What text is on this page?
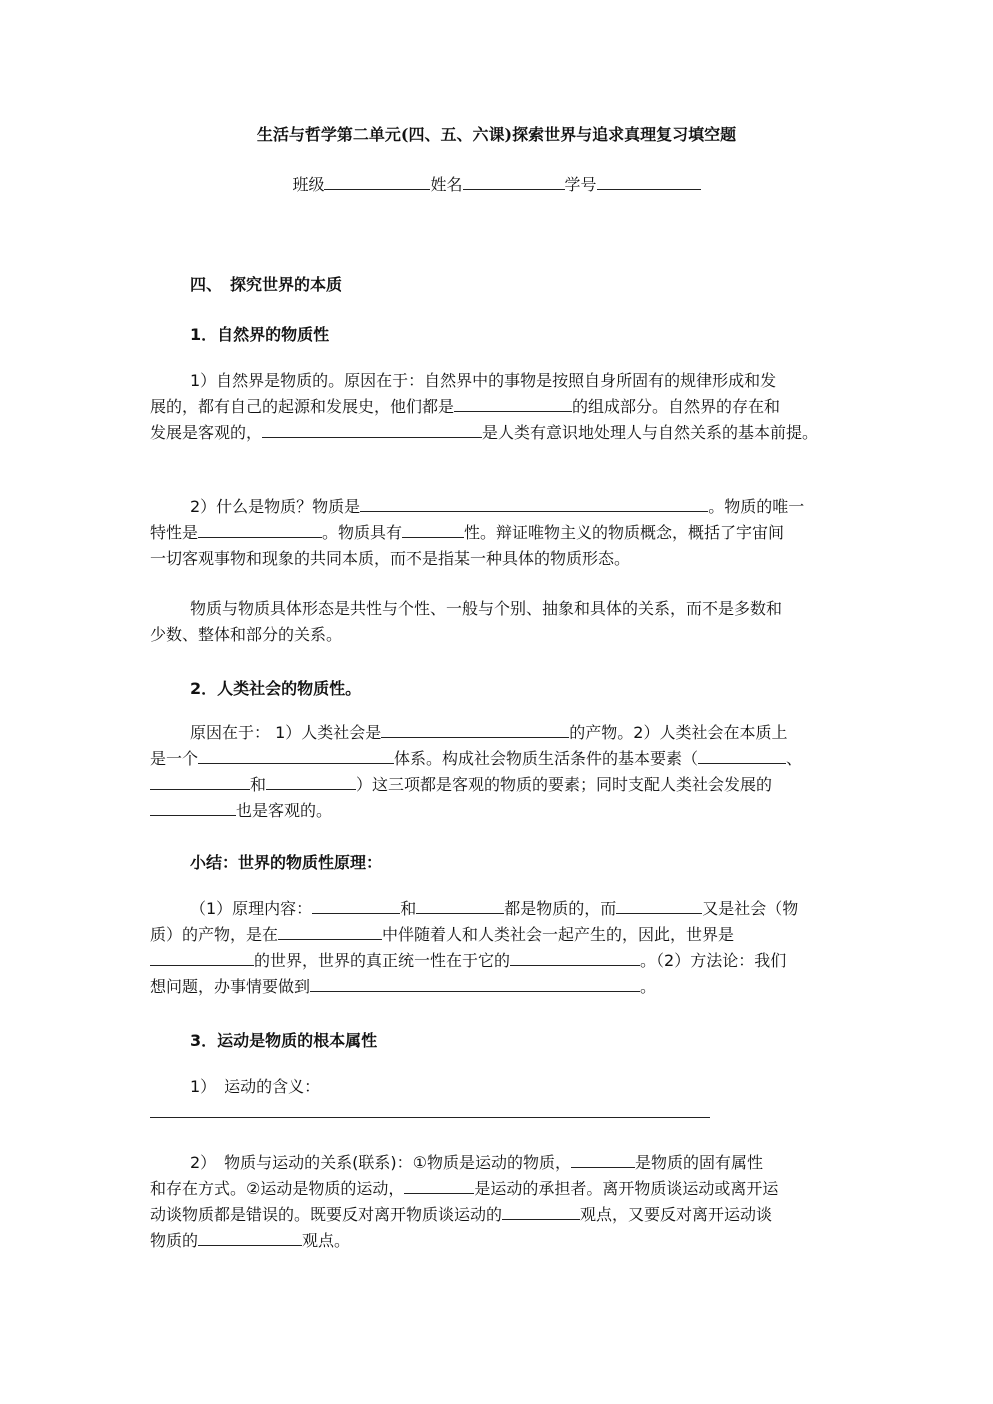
生活与哲学第二单元(四、五、六课)探索世界与追求真理复习填空题
班级	姓名	学号
四、　探究世界的本质
1．自然界的物质性
1）自然界是物质的。原因在于：自然界中的事物是按照自身所固有的规律形成和发
展的，都有自己的起源和发展史，他们都是	的组成部分。自然界的存在和
发展是客观的，	是人类有意识地处理人与自然关系的基本前提。
2）什么是物质？物质是	。物质的唯一
特性是	。物质具有	性。辩证唯物主义的物质概念，概括了宇宙间
一切客观事物和现象的共同本质，而不是指某一种具体的物质形态。
物质与物质具体形态是共性与个性、一般与个别、抽象和具体的关系，而不是多数和
少数、整体和部分的关系。
2．人类社会的物质性。
原因在于： 1）人类社会是	的产物。2）人类社会在本质上
是一个	体系。构成社会物质生活条件的基本要素（	、
和	）这三项都是客观的物质的要素；同时支配人类社会发展的
也是客观的。
小结：世界的物质性原理：
（1）原理内容：	和	都是物质的，而	又是社会（物
质）的产物，是在	中伴随着人和人类社会一起产生的，因此，世界是
的世界，世界的真正统一性在于它的	。（2）方法论：我们
想问题，办事情要做到	。
3．运动是物质的根本属性
1）　运动的含义：
2）　物质与运动的关系(联系)：①物质是运动的物质，	是物质的固有属性
和存在方式。②运动是物质的运动，	是运动的承担者。离开物质谈运动或离开运
动谈物质都是错误的。既要反对离开物质谈运动的	观点，又要反对离开运动谈
物质的	观点。
